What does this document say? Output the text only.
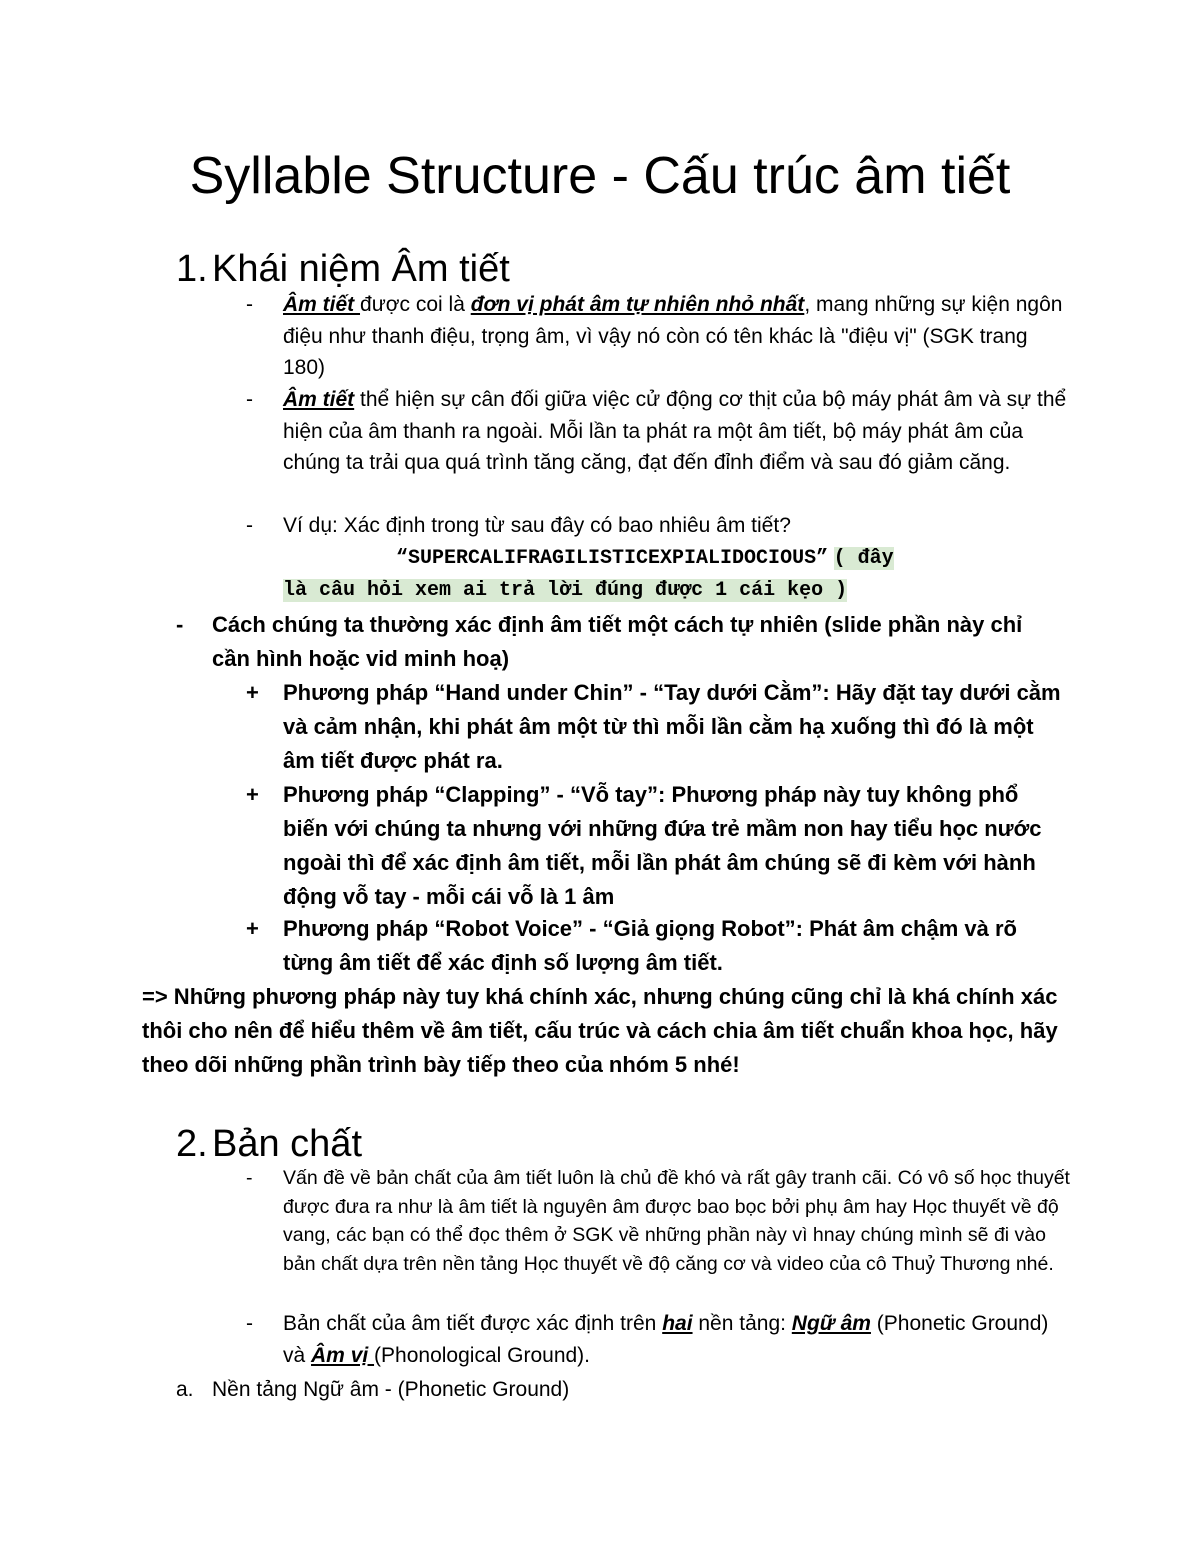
Syllable Structure - Cấu trúc âm tiết
1. Khái niệm Âm tiết
- Âm tiết được coi là đơn vị phát âm tự nhiên nhỏ nhất, mang những sự kiện ngôn điệu như thanh điệu, trọng âm, vì vậy nó còn có tên khác là "điệu vị" (SGK trang 180)
- Âm tiết thể hiện sự cân đối giữa việc cử động cơ thịt của bộ máy phát âm và sự thể hiện của âm thanh ra ngoài. Mỗi lần ta phát ra một âm tiết, bộ máy phát âm của chúng ta trải qua quá trình tăng căng, đạt đến đỉnh điểm và sau đó giảm căng.
- Ví dụ: Xác định trong từ sau đây có bao nhiêu âm tiết?
“SUPERCALIFRAGILISTICEXPIALIDOCIOUS” ( đây
là câu hỏi xem ai trả lời đúng được 1 cái kẹo )
- Cách chúng ta thường xác định âm tiết một cách tự nhiên (slide phần này chỉ cần hình hoặc vid minh hoạ)
+ Phương pháp “Hand under Chin” - “Tay dưới Cằm”: Hãy đặt tay dưới cằm và cảm nhận, khi phát âm một từ thì mỗi lần cằm hạ xuống thì đó là một âm tiết được phát ra.
+ Phương pháp “Clapping” - “Vỗ tay”: Phương pháp này tuy không phổ biến với chúng ta nhưng với những đứa trẻ mầm non hay tiểu học nước ngoài thì để xác định âm tiết, mỗi lần phát âm chúng sẽ đi kèm với hành động vỗ tay - mỗi cái vỗ là 1 âm
+ Phương pháp “Robot Voice” - “Giả giọng Robot”: Phát âm chậm và rõ từng âm tiết để xác định số lượng âm tiết.
=> Những phương pháp này tuy khá chính xác, nhưng chúng cũng chỉ là khá chính xác thôi cho nên để hiểu thêm về âm tiết, cấu trúc và cách chia âm tiết chuẩn khoa học, hãy theo dõi những phần trình bày tiếp theo của nhóm 5 nhé!
2. Bản chất
- Vấn đề về bản chất của âm tiết luôn là chủ đề khó và rất gây tranh cãi. Có vô số học thuyết được đưa ra như là âm tiết là nguyên âm được bao bọc bởi phụ âm hay Học thuyết về độ vang, các bạn có thể đọc thêm ở SGK về những phần này vì hnay chúng mình sẽ đi vào bản chất dựa trên nền tảng Học thuyết về độ căng cơ và video của cô Thuỷ Thương nhé.
- Bản chất của âm tiết được xác định trên hai nền tảng: Ngữ âm (Phonetic Ground) và Âm vị (Phonological Ground).
a. Nền tảng Ngữ âm - (Phonetic Ground)
